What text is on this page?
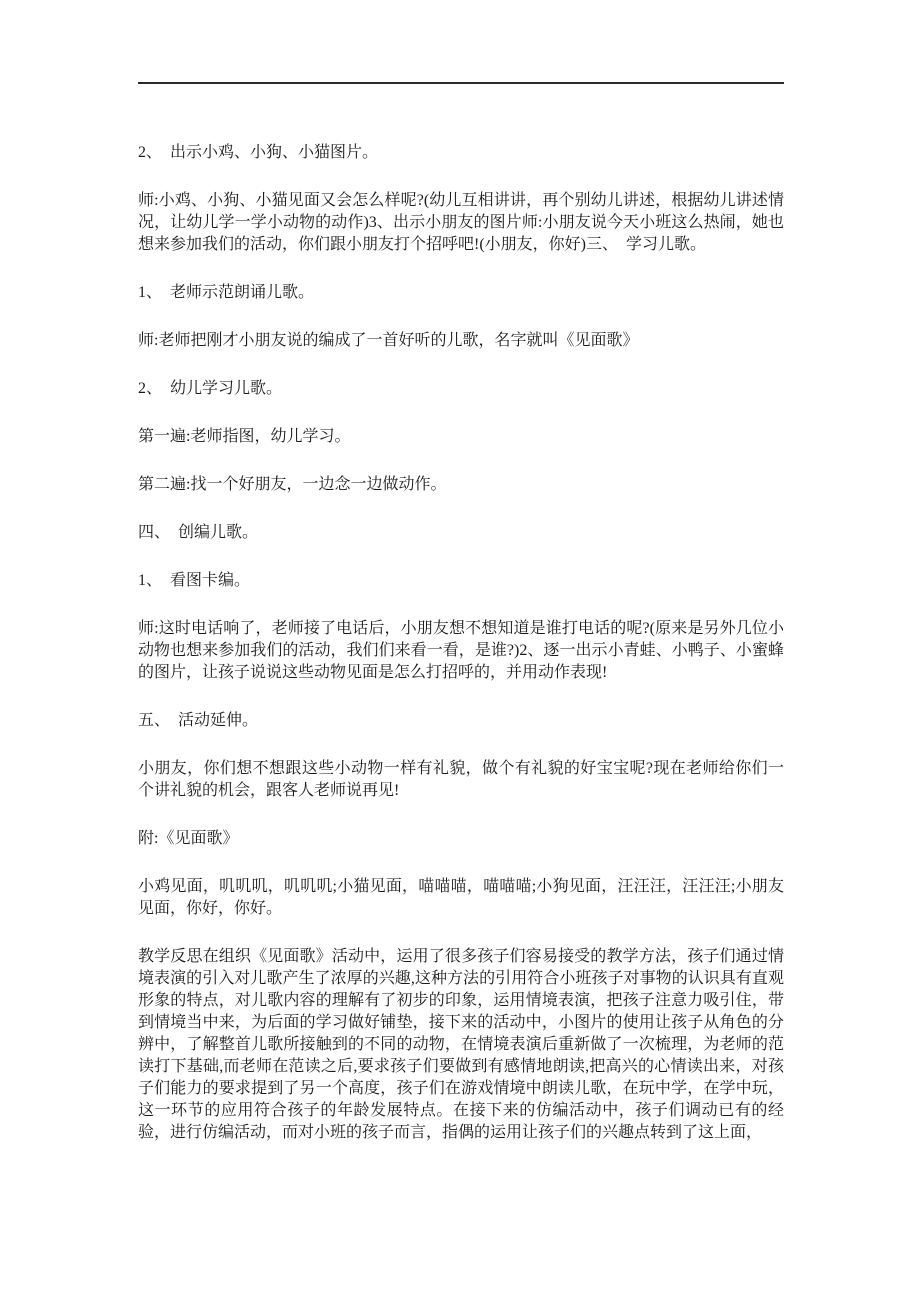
2、  出示小鸡、小狗、小猫图片。

师:小鸡、小狗、小猫见面又会怎么样呢?(幼儿互相讲讲，再个别幼儿讲述，根据幼儿讲述情况，让幼儿学一学小动物的动作)3、出示小朋友的图片师:小朋友说今天小班这么热闹，她也想来参加我们的活动，你们跟小朋友打个招呼吧!(小朋友，你好)三、  学习儿歌。

1、  老师示范朗诵儿歌。

师:老师把刚才小朋友说的编成了一首好听的儿歌，名字就叫《见面歌》

2、  幼儿学习儿歌。

第一遍:老师指图，幼儿学习。

第二遍:找一个好朋友，一边念一边做动作。

四、  创编儿歌。

1、  看图卡编。

师:这时电话响了，老师接了电话后，小朋友想不想知道是谁打电话的呢?(原来是另外几位小动物也想来参加我们的活动，我们们来看一看，是谁?)2、逐一出示小青蛙、小鸭子、小蜜蜂的图片，让孩子说说这些动物见面是怎么打招呼的，并用动作表现!

五、  活动延伸。

小朋友，你们想不想跟这些小动物一样有礼貌，做个有礼貌的好宝宝呢?现在老师给你们一个讲礼貌的机会，跟客人老师说再见!

附:《见面歌》

小鸡见面，叽叽叽，叽叽叽;小猫见面，喵喵喵，喵喵喵;小狗见面，汪汪汪，汪汪汪;小朋友见面，你好，你好。

教学反思在组织《见面歌》活动中，运用了很多孩子们容易接受的教学方法，孩子们通过情境表演的引入对儿歌产生了浓厚的兴趣,这种方法的引用符合小班孩子对事物的认识具有直观形象的特点，对儿歌内容的理解有了初步的印象，运用情境表演，把孩子注意力吸引住，带到情境当中来，为后面的学习做好铺垫，接下来的活动中，小图片的使用让孩子从角色的分辨中，了解整首儿歌所接触到的不同的动物，在情境表演后重新做了一次梳理，为老师的范读打下基础,而老师在范读之后,要求孩子们要做到有感情地朗读,把高兴的心情读出来，对孩子们能力的要求提到了另一个高度，孩子们在游戏情境中朗读儿歌，在玩中学，在学中玩，这一环节的应用符合孩子的年龄发展特点。在接下来的仿编活动中，孩子们调动已有的经验，进行仿编活动，而对小班的孩子而言，指偶的运用让孩子们的兴趣点转到了这上面，
